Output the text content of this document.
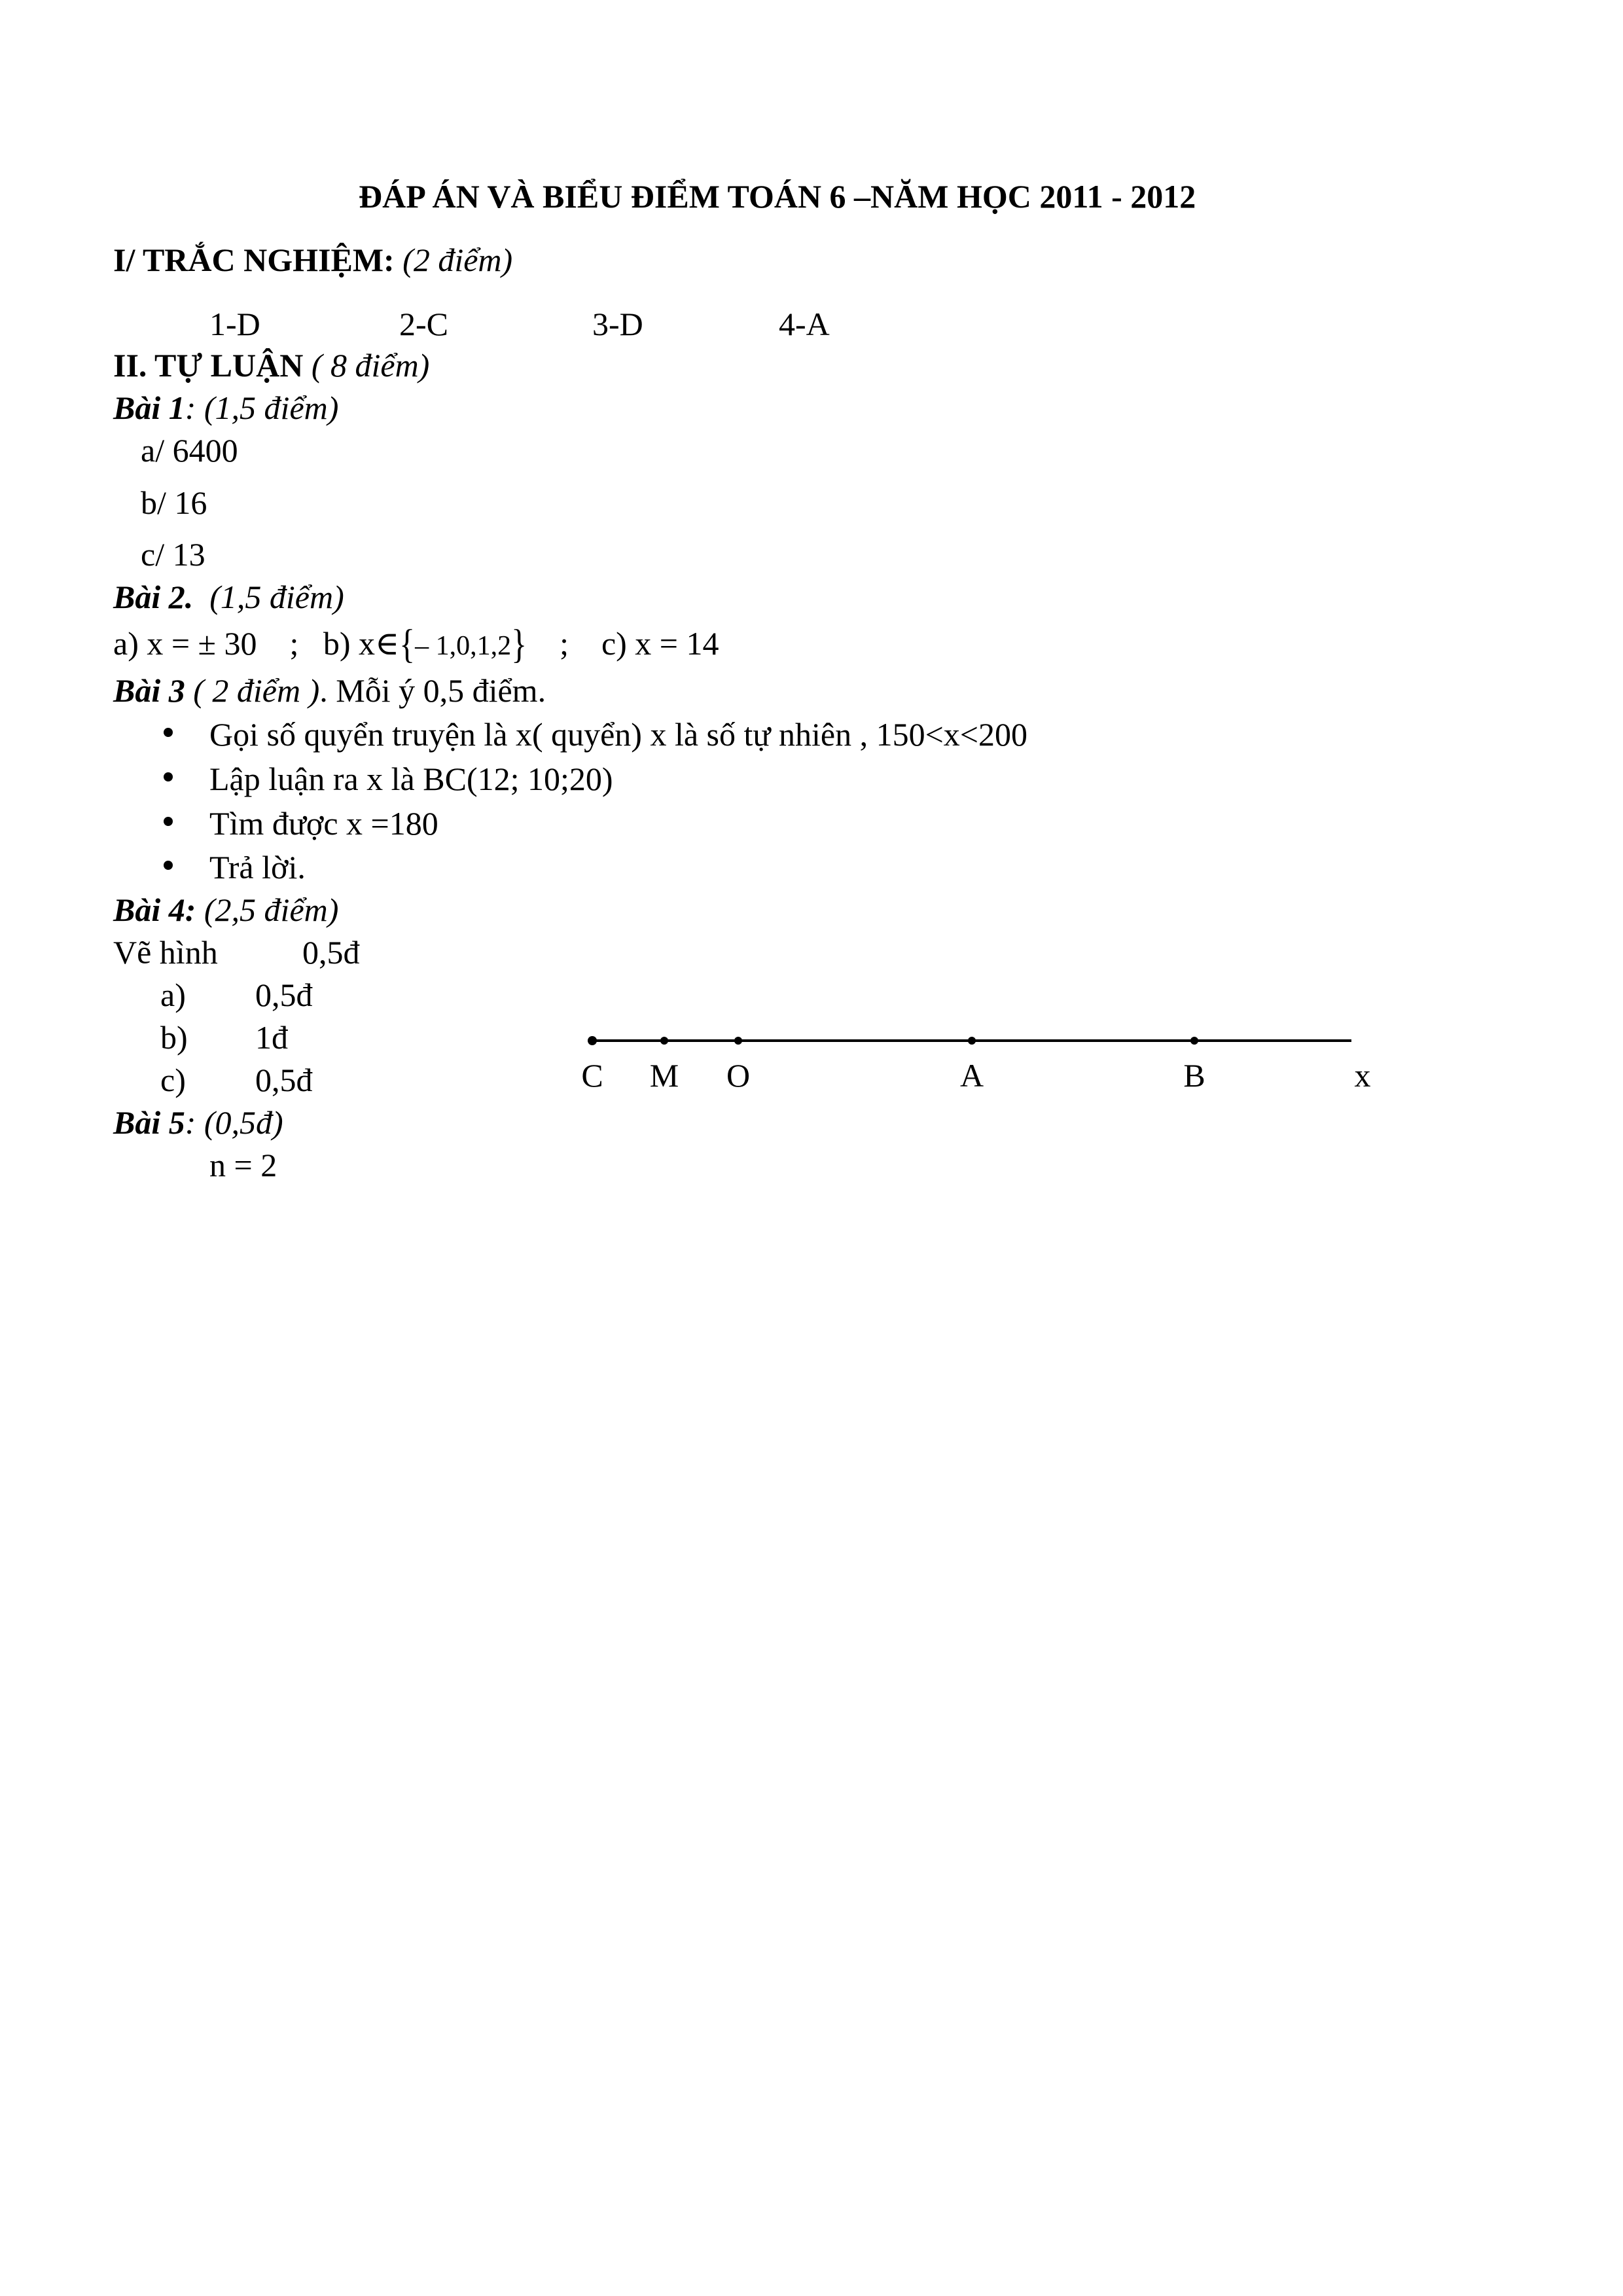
ĐÁP ÁN VÀ BIỂU ĐIỂM TOÁN 6 –NĂM HỌC 2011 - 2012
I/ TRẮC NGHIỆM: (2 điểm)
1-D	2-C	3-D	4-A
II. TỰ LUẬN ( 8 điểm)
Bài 1: (1,5 điểm)
a/ 6400
b/ 16
c/ 13
Bài 2. (1,5 điểm)
a) x = ± 30 ; b) x∈{– 1,0,1,2} ; c) x = 14
Bài 3 ( 2 điểm ). Mỗi ý 0,5 điểm.
Gọi số quyển truyện là x( quyển) x là số tự nhiên , 150<x<200
Lập luận ra x là BC(12; 10;20)
Tìm được x =180
Trả lời.
Bài 4: (2,5 điểm)
Vẽ hình	0,5đ
a) 0,5đ
b) 1đ
c) 0,5đ	C M O	A	B	x
Bài 5: (0,5đ)
n = 2
